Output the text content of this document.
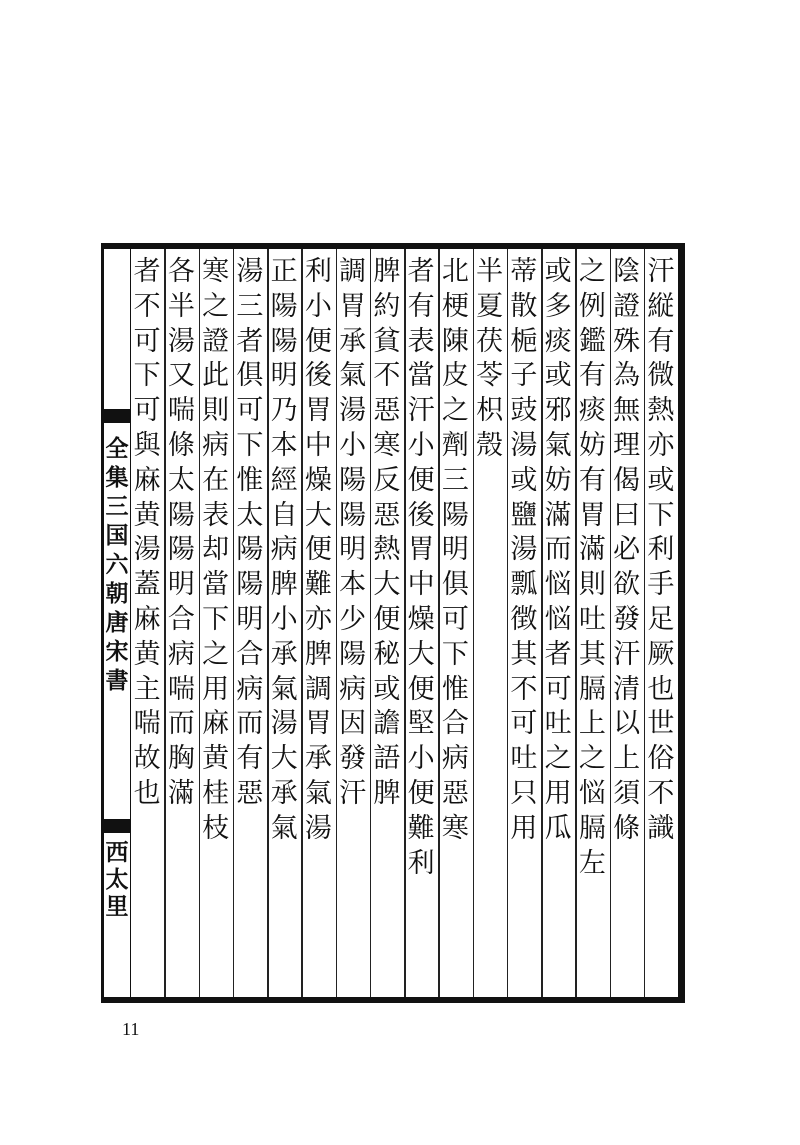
全
集
三
国
六
朝
唐
宋
書
西
太
里
汗
縦
有
微
熱
亦
或
下
利
手
足
厥
也
世
俗
不
識
陰
證
殊
為
無
理
偈
曰
必
欲
發
汗
清
以
上
須
條
之
例
鑑
有
痰
妨
有
胃
滿
則
吐
其
膈
上
之
悩
膈
左
或
多
痰
或
邪
氣
妨
滿
而
悩
悩
者
可
吐
之
用
瓜
蒂
散
梔
子
豉
湯
或
鹽
湯
瓢
徴
其
不
可
吐
只
用
半
夏
茯
苓
枳
殼
北
梗
陳
皮
之
劑
三
陽
明
俱
可
下
惟
合
病
惡
寒
者
有
表
當
汗
小
便
後
胃
中
燥
大
便
堅
小
便
難
利
脾
約
貧
不
惡
寒
反
惡
熱
大
便
秘
或
譫
語
脾
調
胃
承
氣
湯
小
陽
陽
明
本
少
陽
病
因
發
汗
利
小
便
後
胃
中
燥
大
便
難
亦
脾
調
胃
承
氣
湯
正
陽
陽
明
乃
本
經
自
病
脾
小
承
氣
湯
大
承
氣
湯
三
者
俱
可
下
惟
太
陽
陽
明
合
病
而
有
惡
寒
之
證
此
則
病
在
表
却
當
下
之
用
麻
黄
桂
枝
各
半
湯
又
喘
條
太
陽
陽
明
合
病
喘
而
胸
滿
者
不
可
下
可
與
麻
黄
湯
蓋
麻
黄
主
喘
故
也
11
